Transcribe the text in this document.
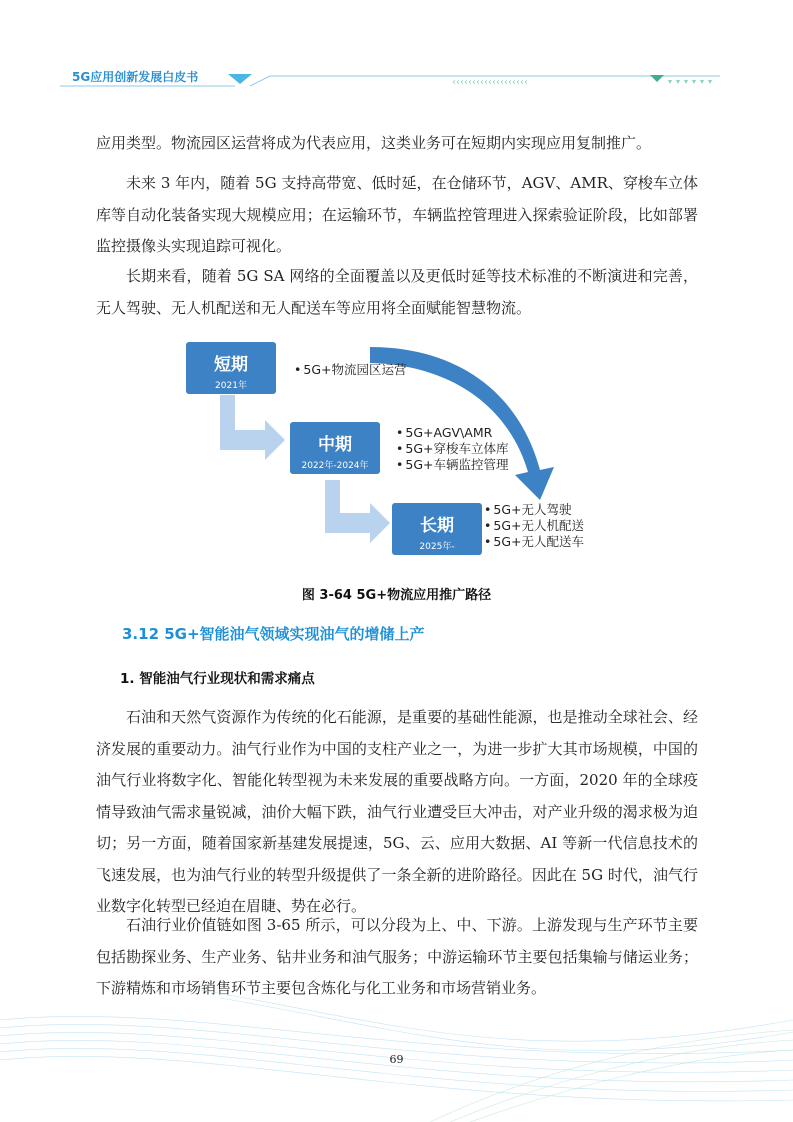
5G应用创新发展白皮书	‹‹‹‹‹‹‹‹‹‹‹‹‹‹‹‹‹‹‹

应用类型。物流园区运营将成为代表应用，这类业务可在短期内实现应用复制推广。

未来 3 年内，随着 5G 支持高带宽、低时延，在仓储环节，AGV、AMR、穿梭车立体库等自动化装备实现大规模应用；在运输环节，车辆监控管理进入探索验证阶段，比如部署监控摄像头实现追踪可视化。

长期来看，随着 5G SA 网络的全面覆盖以及更低时延等技术标准的不断演进和完善，无人驾驶、无人机配送和无人配送车等应用将全面赋能智慧物流。

短期
2021年
• 5G+物流园区运营
中期
2022年-2024年
• 5G+AGV\AMR
• 5G+穿梭车立体库
• 5G+车辆监控管理
长期
2025年-
• 5G+无人驾驶
• 5G+无人机配送
• 5G+无人配送车
图 3-64 5G+物流应用推广路径
3.12 5G+智能油气领域实现油气的增储上产
1. 智能油气行业现状和需求痛点

石油和天然气资源作为传统的化石能源，是重要的基础性能源，也是推动全球社会、经济发展的重要动力。油气行业作为中国的支柱产业之一，为进一步扩大其市场规模，中国的油气行业将数字化、智能化转型视为未来发展的重要战略方向。一方面，2020 年的全球疫情导致油气需求量锐减，油价大幅下跌，油气行业遭受巨大冲击，对产业升级的渴求极为迫切；另一方面，随着国家新基建发展提速，5G、云、应用大数据、AI 等新一代信息技术的飞速发展，也为油气行业的转型升级提供了一条全新的进阶路径。因此在 5G 时代，油气行业数字化转型已经迫在眉睫、势在必行。

石油行业价值链如图 3-65 所示，可以分段为上、中、下游。上游发现与生产环节主要包括勘探业务、生产业务、钻井业务和油气服务；中游运输环节主要包括集输与储运业务；下游精炼和市场销售环节主要包含炼化与化工业务和市场营销业务。

69
